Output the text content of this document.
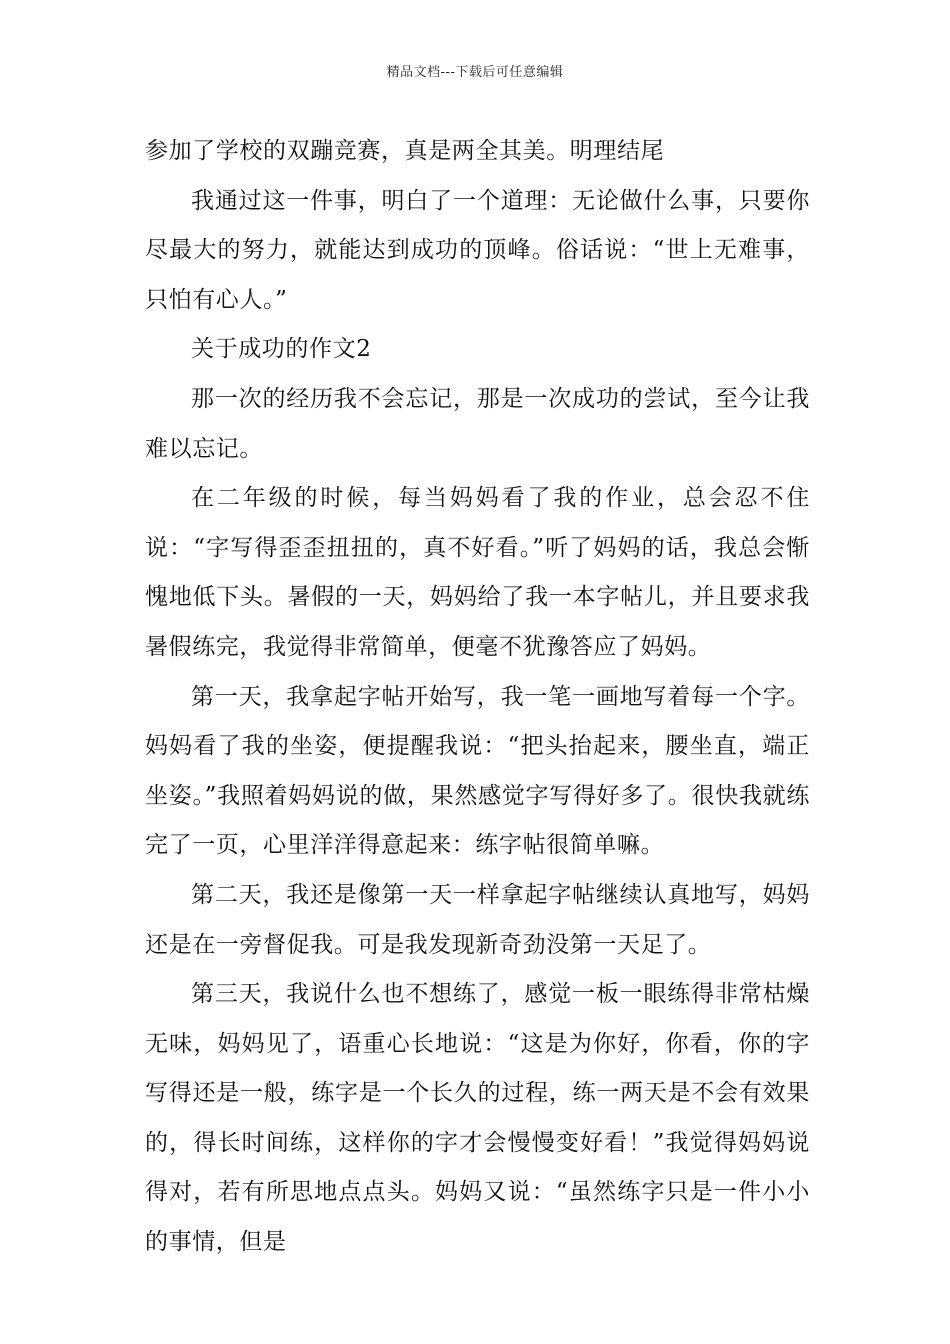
精品文档---下载后可任意编辑

参加了学校的双蹦竞赛，真是两全其美。明理结尾

我通过这一件事，明白了一个道理：无论做什么事，只要你尽最大的努力，就能达到成功的顶峰。俗话说：“世上无难事，只怕有心人。”

关于成功的作文2

那一次的经历我不会忘记，那是一次成功的尝试，至今让我难以忘记。

在二年级的时候，每当妈妈看了我的作业，总会忍不住说：“字写得歪歪扭扭的，真不好看。”听了妈妈的话，我总会惭愧地低下头。暑假的一天，妈妈给了我一本字帖儿，并且要求我暑假练完，我觉得非常简单，便毫不犹豫答应了妈妈。

第一天，我拿起字帖开始写，我一笔一画地写着每一个字。妈妈看了我的坐姿，便提醒我说：“把头抬起来，腰坐直，端正坐姿。”我照着妈妈说的做，果然感觉字写得好多了。很快我就练完了一页，心里洋洋得意起来：练字帖很简单嘛。

第二天，我还是像第一天一样拿起字帖继续认真地写，妈妈还是在一旁督促我。可是我发现新奇劲没第一天足了。

第三天，我说什么也不想练了，感觉一板一眼练得非常枯燥无味，妈妈见了，语重心长地说：“这是为你好，你看，你的字写得还是一般，练字是一个长久的过程，练一两天是不会有效果的，得长时间练，这样你的字才会慢慢变好看！”我觉得妈妈说得对，若有所思地点点头。妈妈又说：“虽然练字只是一件小小的事情，但是
